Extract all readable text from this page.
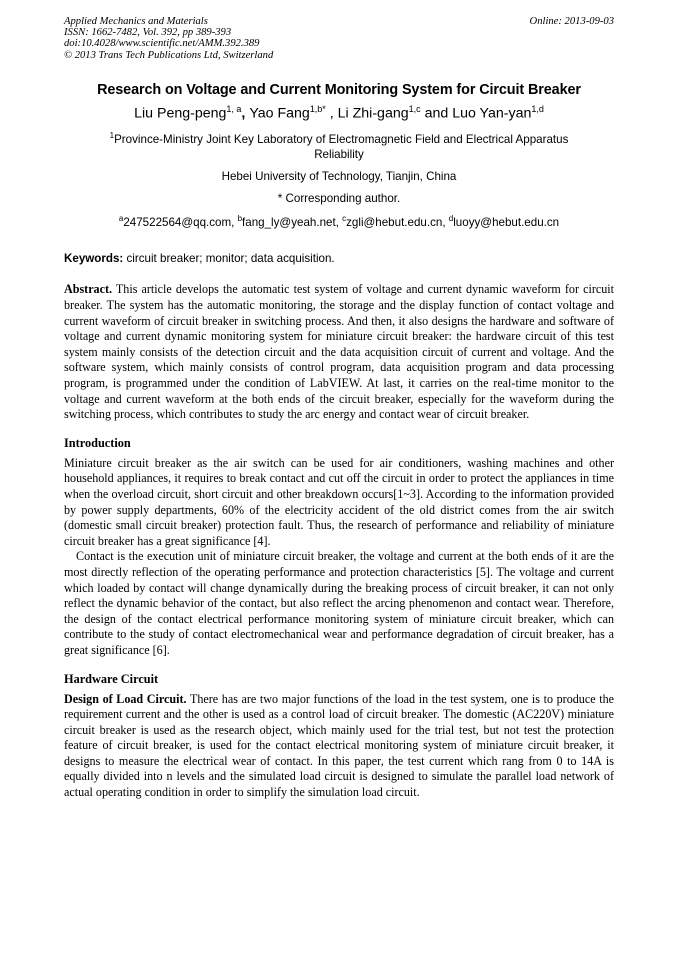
Applied Mechanics and Materials
ISSN: 1662-7482, Vol. 392, pp 389-393
doi:10.4028/www.scientific.net/AMM.392.389
© 2013 Trans Tech Publications Ltd, Switzerland
Online: 2013-09-03
Research on Voltage and Current Monitoring System for Circuit Breaker
Liu Peng-peng$^{1, a}$, Yao Fang$^{1,b*}$ , Li Zhi-gang$^{1,c}$ and Luo Yan-yan$^{1,d}$
$^1$Province-Ministry Joint Key Laboratory of Electromagnetic Field and Electrical Apparatus
Reliability
Hebei University of Technology, Tianjin, China
* Corresponding author.
$^a$247522564@qq.com, $^b$fang_ly@yeah.net, $^c$zgli@hebut.edu.cn, $^d$luoyy@hebut.edu.cn
Keywords: circuit breaker; monitor; data acquisition.

Abstract. This article develops the automatic test system of voltage and current dynamic waveform for circuit breaker. The system has the automatic monitoring, the storage and the display function of contact voltage and current waveform of circuit breaker in switching process. And then, it also designs the hardware and software of voltage and current dynamic monitoring system for miniature circuit breaker: the hardware circuit of this test system mainly consists of the detection circuit and the data acquisition circuit of current and voltage. And the software system, which mainly consists of control program, data acquisition program and data processing program, is programmed under the condition of LabVIEW. At last, it carries on the real-time monitor to the voltage and current waveform at the both ends of the circuit breaker, especially for the waveform during the switching process, which contributes to study the arc energy and contact wear of circuit breaker.

Introduction

Miniature circuit breaker as the air switch can be used for air conditioners, washing machines and other household appliances, it requires to break contact and cut off the circuit in order to protect the appliances in time when the overload circuit, short circuit and other breakdown occurs[1~3]. According to the information provided by power supply departments, 60% of the electricity accident of the old district comes from the air switch (domestic small circuit breaker) protection fault. Thus, the research of performance and reliability of miniature circuit breaker has a great significance [4].

Contact is the execution unit of miniature circuit breaker, the voltage and current at the both ends of it are the most directly reflection of the operating performance and protection characteristics [5]. The voltage and current which loaded by contact will change dynamically during the breaking process of circuit breaker, it can not only reflect the dynamic behavior of the contact, but also reflect the arcing phenomenon and contact wear. Therefore, the design of the contact electrical performance monitoring system of miniature circuit breaker, which can contribute to the study of contact electromechanical wear and performance degradation of circuit breaker, has a great significance [6].

Hardware Circuit

Design of Load Circuit. There has are two major functions of the load in the test system, one is to produce the requirement current and the other is used as a control load of circuit breaker. The domestic (AC220V) miniature circuit breaker is used as the research object, which mainly used for the trial test, but not test the protection feature of circuit breaker, is used for the contact electrical monitoring system of miniature circuit breaker, it designs to measure the electrical wear of contact. In this paper, the test current which rang from 0 to 14A is equally divided into n levels and the simulated load circuit is designed to simulate the parallel load network of actual operating condition in order to simplify the simulation load circuit.
